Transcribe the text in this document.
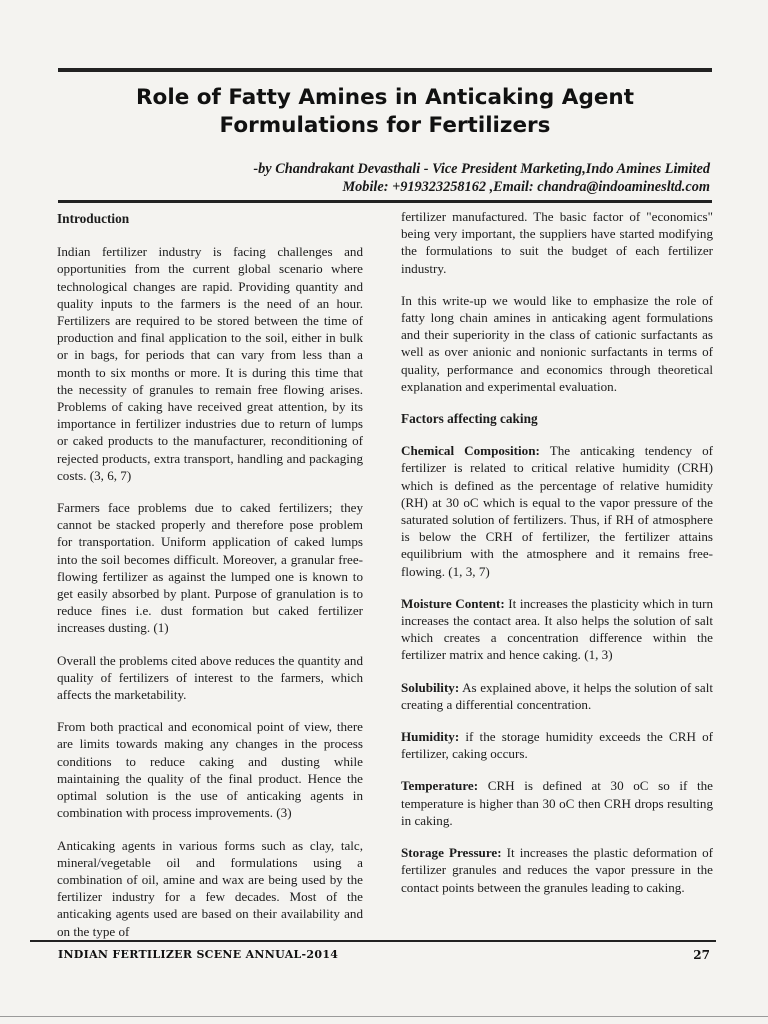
Role of Fatty Amines in Anticaking Agent
Formulations for Fertilizers
-by Chandrakant Devasthali - Vice President Marketing,Indo Amines Limited
Mobile: +919323258162 ,Email: chandra@indoaminesltd.com
Introduction

Indian fertilizer industry is facing challenges and opportunities from the current global scenario where technological changes are rapid. Providing quantity and quality inputs to the farmers is the need of an hour. Fertilizers are required to be stored between the time of production and final application to the soil, either in bulk or in bags, for periods that can vary from less than a month to six months or more. It is during this time that the necessity of granules to remain free flowing arises. Problems of caking have received great attention, by its importance in fertilizer industries due to return of lumps or caked products to the manufacturer, reconditioning of rejected products, extra transport, handling and packaging costs. (3, 6, 7)

Farmers face problems due to caked fertilizers; they cannot be stacked properly and therefore pose problem for transportation. Uniform application of caked lumps into the soil becomes difficult. Moreover, a granular free-flowing fertilizer as against the lumped one is known to get easily absorbed by plant. Purpose of granulation is to reduce fines i.e. dust formation but caked fertilizer increases dusting. (1)

Overall the problems cited above reduces the quantity and quality of fertilizers of interest to the farmers, which affects the marketability.

From both practical and economical point of view, there are limits towards making any changes in the process conditions to reduce caking and dusting while maintaining the quality of the final product. Hence the optimal solution is the use of anticaking agents in combination with process improvements. (3)

Anticaking agents in various forms such as clay, talc, mineral/vegetable oil and formulations using a combination of oil, amine and wax are being used by the fertilizer industry for a few decades. Most of the anticaking agents used are based on their availability and on the type of

fertilizer manufactured. The basic factor of "economics" being very important, the suppliers have started modifying the formulations to suit the budget of each fertilizer industry.

In this write-up we would like to emphasize the role of fatty long chain amines in anticaking agent formulations and their superiority in the class of cationic surfactants as well as over anionic and nonionic surfactants in terms of quality, performance and economics through theoretical explanation and experimental evaluation.

Factors affecting caking

Chemical Composition: The anticaking tendency of fertilizer is related to critical relative humidity (CRH) which is defined as the percentage of relative humidity (RH) at 30 oC which is equal to the vapor pressure of the saturated solution of fertilizers. Thus, if RH of atmosphere is below the CRH of fertilizer, the fertilizer attains equilibrium with the atmosphere and it remains free-flowing. (1, 3, 7)

Moisture Content: It increases the plasticity which in turn increases the contact area. It also helps the solution of salt which creates a concentration difference within the fertilizer matrix and hence caking. (1, 3)

Solubility: As explained above, it helps the solution of salt creating a differential concentration.

Humidity: if the storage humidity exceeds the CRH of fertilizer, caking occurs.

Temperature: CRH is defined at 30 oC so if the temperature is higher than 30 oC then CRH drops resulting in caking.

Storage Pressure: It increases the plastic deformation of fertilizer granules and reduces the vapor pressure in the contact points between the granules leading to caking.

INDIAN FERTILIZER SCENE ANNUAL-2014	27
